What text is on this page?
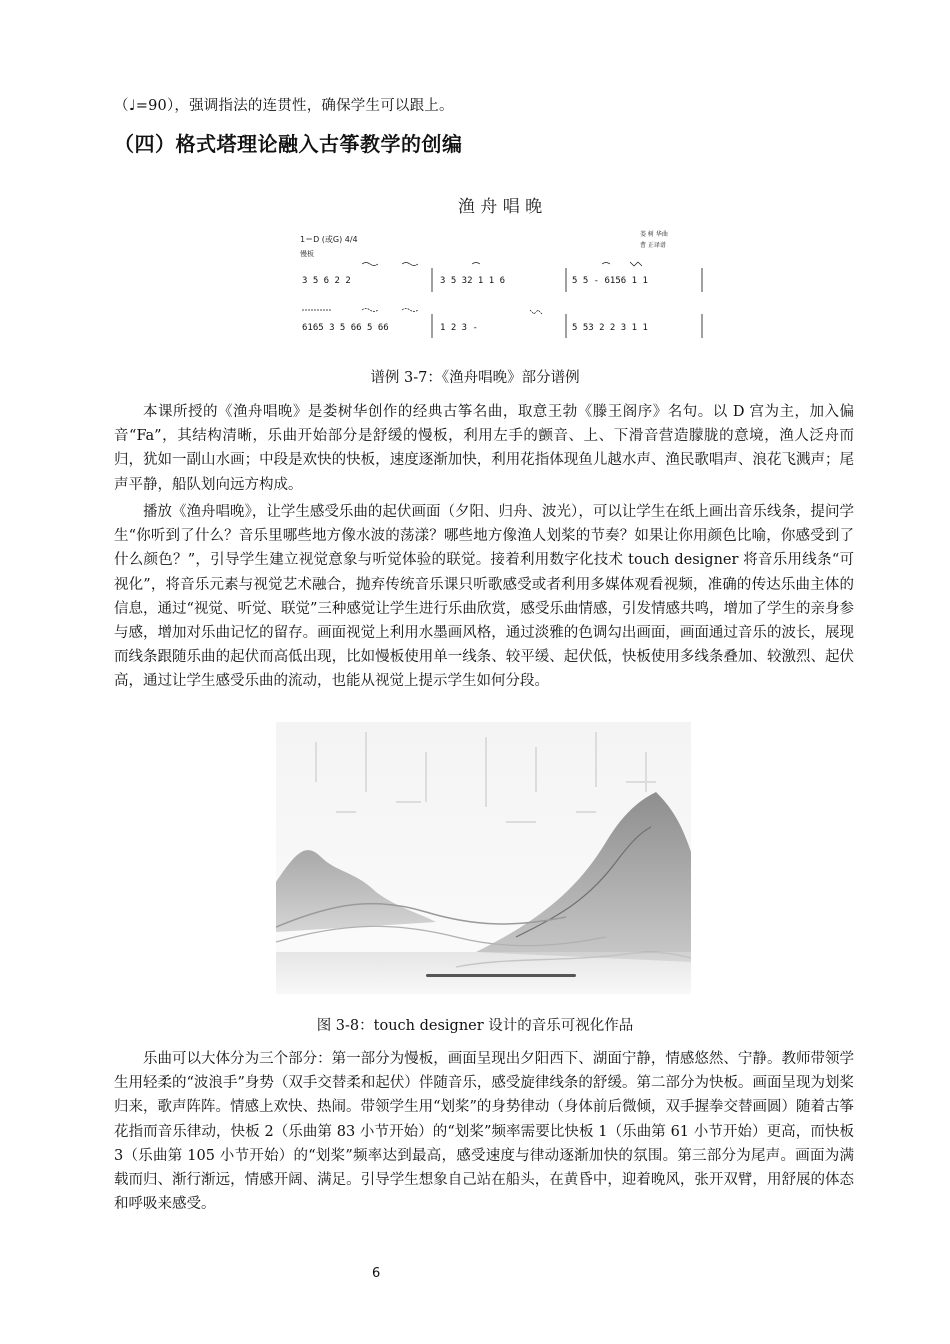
（♩=90），强调指法的连贯性，确保学生可以跟上。
（四）格式塔理论融入古筝教学的创编
渔 舟 唱 晚
1＝D (或G) 4/4
慢板
娄 树 华曲
曹 正译谱
3 5 6 2 2	3 5 32 1 1 6	5 5 - 6156 1 1
6165 3 5 66 5 66	1 2 3 -	5 53 2 2 3 1 1
谱例 3-7：《渔舟唱晚》部分谱例

本课所授的《渔舟唱晚》是娄树华创作的经典古筝名曲，取意王勃《滕王阁序》名句。以 D 宫为主，加入偏音“Fa”，其结构清晰，乐曲开始部分是舒缓的慢板，利用左手的颤音、上、下滑音营造朦胧的意境，渔人泛舟而归，犹如一副山水画；中段是欢快的快板，速度逐渐加快，利用花指体现鱼儿越水声、渔民歌唱声、浪花飞溅声；尾声平静，船队划向远方构成。

播放《渔舟唱晚》，让学生感受乐曲的起伏画面（夕阳、归舟、波光），可以让学生在纸上画出音乐线条，提问学生“你听到了什么？音乐里哪些地方像水波的荡漾？哪些地方像渔人划桨的节奏？如果让你用颜色比喻，你感受到了什么颜色？”，引导学生建立视觉意象与听觉体验的联觉。接着利用数字化技术 touch designer 将音乐用线条“可视化”，将音乐元素与视觉艺术融合，抛弃传统音乐课只听歌感受或者利用多媒体观看视频，准确的传达乐曲主体的信息，通过“视觉、听觉、联觉”三种感觉让学生进行乐曲欣赏，感受乐曲情感，引发情感共鸣，增加了学生的亲身参与感，增加对乐曲记忆的留存。画面视觉上利用水墨画风格，通过淡雅的色调勾出画面，画面通过音乐的波长，展现而线条跟随乐曲的起伏而高低出现，比如慢板使用单一线条、较平缓、起伏低，快板使用多线条叠加、较激烈、起伏高，通过让学生感受乐曲的流动，也能从视觉上提示学生如何分段。

图 3-8：touch designer 设计的音乐可视化作品

乐曲可以大体分为三个部分：第一部分为慢板，画面呈现出夕阳西下、湖面宁静，情感悠然、宁静。教师带领学生用轻柔的“波浪手”身势（双手交替柔和起伏）伴随音乐，感受旋律线条的舒缓。第二部分为快板。画面呈现为划桨归来，歌声阵阵。情感上欢快、热闹。带领学生用“划桨”的身势律动（身体前后微倾，双手握拳交替画圆）随着古筝花指而音乐律动，快板 2（乐曲第 83 小节开始）的“划桨”频率需要比快板 1（乐曲第 61 小节开始）更高，而快板 3（乐曲第 105 小节开始）的“划桨”频率达到最高，感受速度与律动逐渐加快的氛围。第三部分为尾声。画面为满载而归、渐行渐远，情感开阔、满足。引导学生想象自己站在船头，在黄昏中，迎着晚风，张开双臂，用舒展的体态和呼吸来感受。

6
